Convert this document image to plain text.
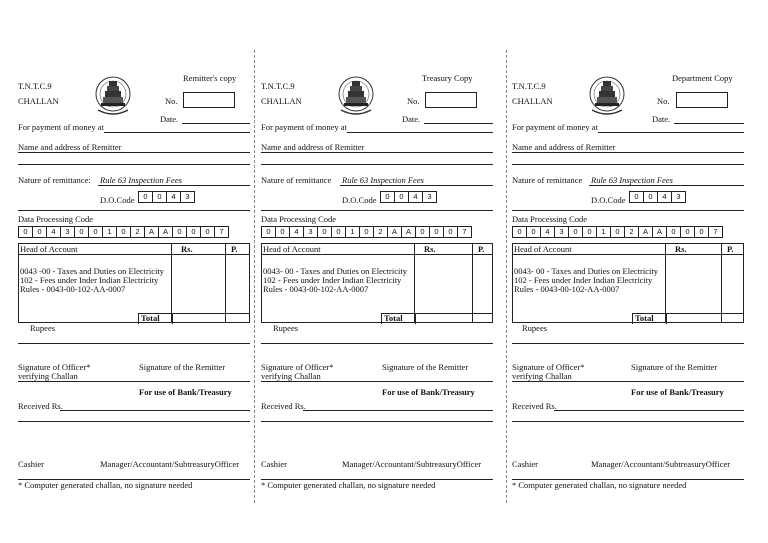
T.N.T.C.9
Remitter's copy
CHALLAN	No.
Date.
For payment of money at
Name and address of Remitter
Nature of remittance: Rule 63 Inspection Fees
D.O.Code	0	0	4	3
Data Processing Code
0	0	4	3	0	0	1	0	2	A	A	0	0	0	7
Head of Account	Rs.	P.
0043 -00 - Taxes and Duties on Electricity
102 - Fees under Inder Indian Electricity
Rules - 0043-00-102-AA-0007
Total
Rupees
Signature of Officer*
verifying Challan
Signature of the Remitter
For use of Bank/Treasury
Received Rs.
Cashier	Manager/Accountant/SubtreasuryOfficer
* Computer generated challan, no signature needed
T.N.T.C.9
Treasury Copy
CHALLAN	No.
Date.
For payment of money at
Name and address of Remitter
Nature of remittance Rule 63 Inspection Fees
D.O.Code	0	0	4	3
Data Processing Code
0	0	4	3	0	0	1	0	2	A	A	0	0	0	7
Head of Account	Rs.	P.
0043- 00 - Taxes and Duties on Electricity
102 - Fees under Inder Indian Electricity
Rules - 0043-00-102-AA-0007
Total
Rupees
Signature of Officer*
verifying Challan
Signature of the Remitter
For use of Bank/Treasury
Received Rs.
Cashier	Manager/Accountant/SubtreasuryOfficer
* Computer generated challan, no signature needed
T.N.T.C.9
Department Copy
CHALLAN	No.
Date.
For payment of money at
Name and address of Remitter
Nature of remittance Rule 63 Inspection Fees
D.O.Code	0	0	4	3
Data Processing Code
0	0	4	3	0	0	1	0	2	A	A	0	0	0	7
Head of Account	Rs.	P.
0043- 00 - Taxes and Duties on Electricity
102 - Fees under Inder Indian Electricity
Rules - 0043-00-102-AA-0007
Total
Rupees
Signature of Officer*
verifying Challan
Signature of the Remitter
For use of Bank/Treasury
Received Rs.
Cashier	Manager/Accountant/SubtreasuryOfficer
* Computer generated challan, no signature needed
